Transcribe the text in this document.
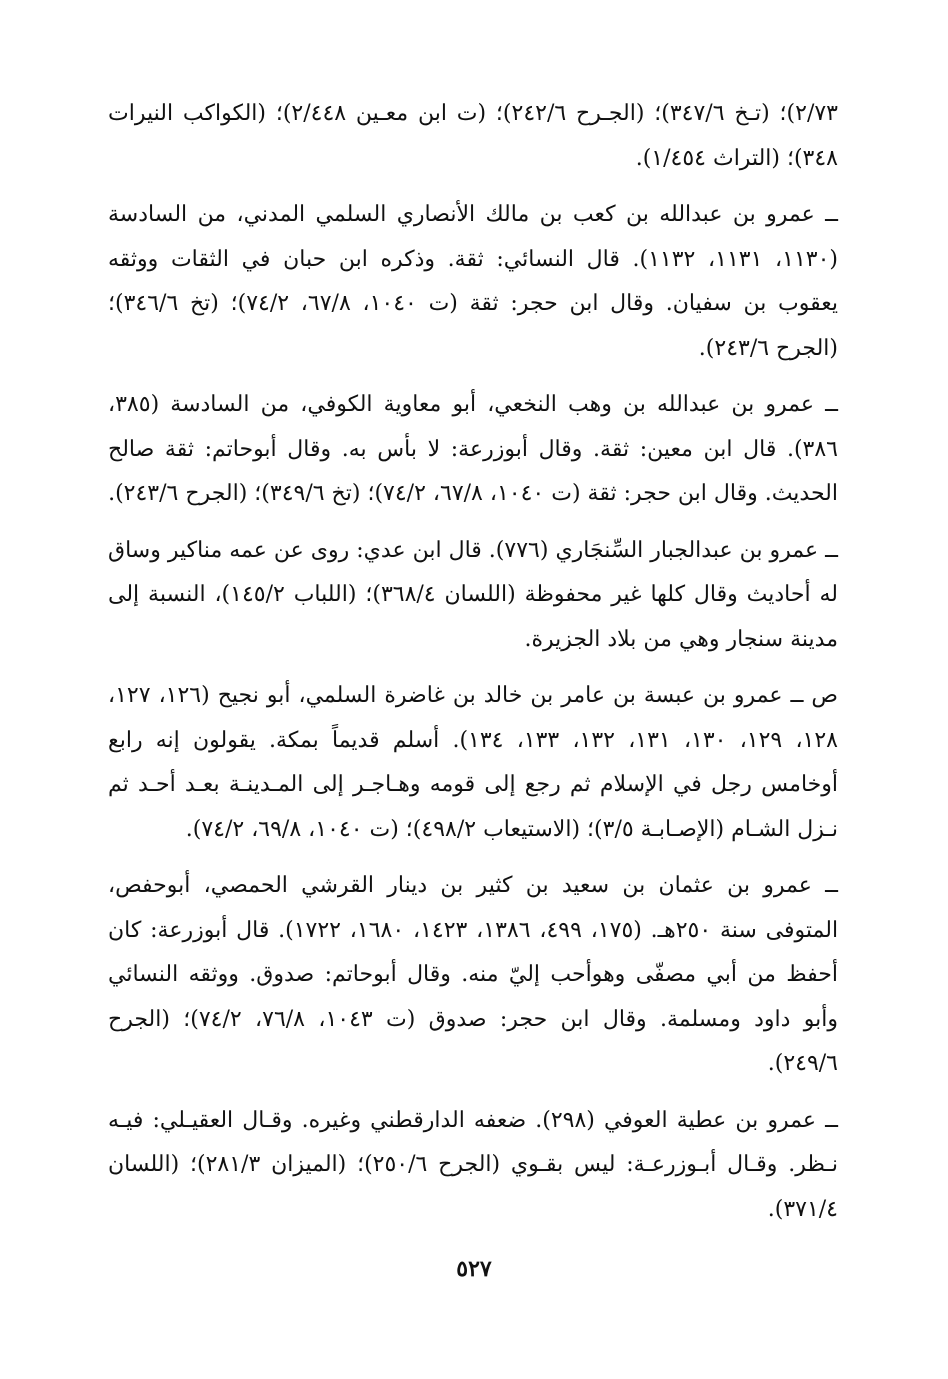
٢/٧٣)؛ (تـخ ٣٤٧/٦)؛ (الجـرح ٢٤٢/٦)؛ (ت ابن معـين ٢/٤٤٨)؛ (الكواكب النيرات ٣٤٨)؛ (التراث ١/٤٥٤).

ــ عمرو بن عبدالله بن كعب بن مالك الأنصاري السلمي المدني، من السادسة (١١٣٠، ١١٣١، ١١٣٢). قال النسائي: ثقة. وذكره ابن حبان في الثقات ووثقه يعقوب بن سفيان. وقال ابن حجر: ثقة (ت ١٠٤٠، ٦٧/٨، ٧٤/٢)؛ (تخ ٣٤٦/٦)؛ (الجرح ٢٤٣/٦).

ــ عمرو بن عبدالله بن وهب النخعي، أبو معاوية الكوفي، من السادسة (٣٨٥، ٣٨٦). قال ابن معين: ثقة. وقال أبوزرعة: لا بأس به. وقال أبوحاتم: ثقة صالح الحديث. وقال ابن حجر: ثقة (ت ١٠٤٠، ٦٧/٨، ٧٤/٢)؛ (تخ ٣٤٩/٦)؛ (الجرح ٢٤٣/٦).

ــ عمرو بن عبدالجبار السِّنجَاري (٧٧٦). قال ابن عدي: روى عن عمه مناكير وساق له أحاديث وقال كلها غير محفوظة (اللسان ٣٦٨/٤)؛ (اللباب ١٤٥/٢)، النسبة إلى مدينة سنجار وهي من بلاد الجزيرة.

ص ــ عمرو بن عبسة بن عامر بن خالد بن غاضرة السلمي، أبو نجيح (١٢٦، ١٢٧، ١٢٨، ١٢٩، ١٣٠، ١٣١، ١٣٢، ١٣٣، ١٣٤). أسلم قديماً بمكة. يقولون إنه رابع أوخامس رجل في الإسلام ثم رجع إلى قومه وهـاجـر إلى المـدينـة بعـد أحـد ثم نـزل الشـام (الإصـابـة ٣/٥)؛ (الاستيعاب ٤٩٨/٢)؛ (ت ١٠٤٠، ٦٩/٨، ٧٤/٢).

ــ عمرو بن عثمان بن سعيد بن كثير بن دينار القرشي الحمصي، أبوحفص، المتوفى سنة ٢٥٠هـ. (١٧٥، ٤٩٩، ١٣٨٦، ١٤٢٣، ١٦٨٠، ١٧٢٢). قال أبوزرعة: كان أحفظ من أبي مصفّى وهوأحب إليّ منه. وقال أبوحاتم: صدوق. ووثقه النسائي وأبو داود ومسلمة. وقال ابن حجر: صدوق (ت ١٠٤٣، ٧٦/٨، ٧٤/٢)؛ (الجرح ٢٤٩/٦).

ــ عمرو بن عطية العوفي (٢٩٨). ضعفه الدارقطني وغيره. وقـال العقيـلي: فيـه نـظر. وقـال أبـوزرعـة: ليس بقـوي (الجرح ٢٥٠/٦)؛ (الميزان ٢٨١/٣)؛ (اللسان ٣٧١/٤).

٥٢٧
